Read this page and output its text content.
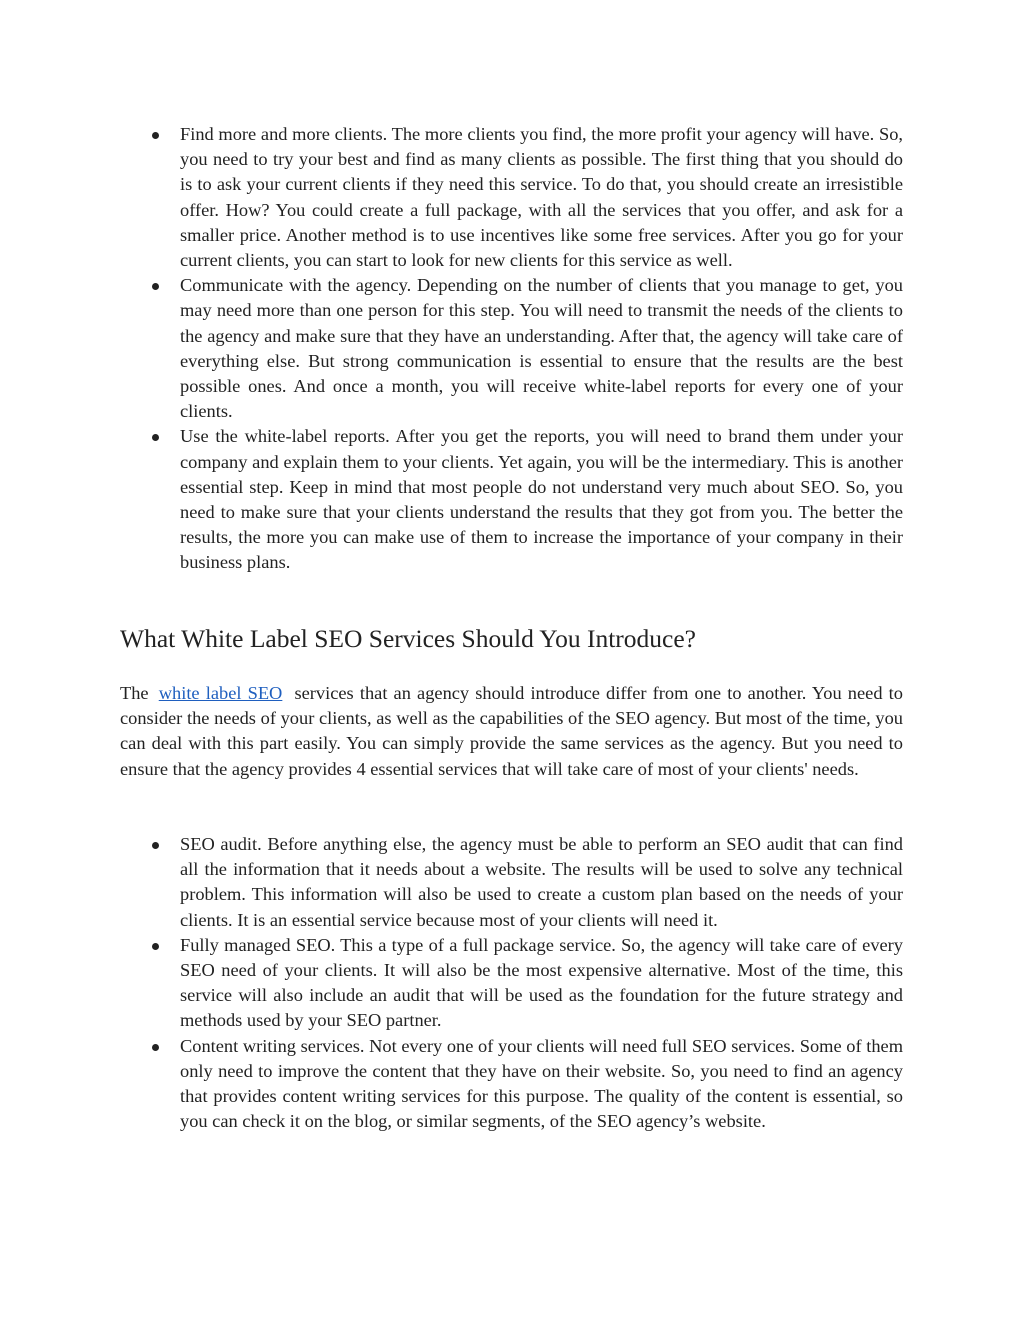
Find more and more clients. The more clients you find, the more profit your agency will have. So, you need to try your best and find as many clients as possible. The first thing that you should do is to ask your current clients if they need this service. To do that, you should create an irresistible offer. How? You could create a full package, with all the services that you offer, and ask for a smaller price. Another method is to use incentives like some free services. After you go for your current clients, you can start to look for new clients for this service as well.
Communicate with the agency. Depending on the number of clients that you manage to get, you may need more than one person for this step. You will need to transmit the needs of the clients to the agency and make sure that they have an understanding. After that, the agency will take care of everything else. But strong communication is essential to ensure that the results are the best possible ones. And once a month, you will receive white-label reports for every one of your clients.
Use the white-label reports. After you get the reports, you will need to brand them under your company and explain them to your clients. Yet again, you will be the intermediary. This is another essential step. Keep in mind that most people do not understand very much about SEO. So, you need to make sure that your clients understand the results that they got from you. The better the results, the more you can make use of them to increase the importance of your company in their business plans.
What White Label SEO Services Should You Introduce?

The white label SEO services that an agency should introduce differ from one to another. You need to consider the needs of your clients, as well as the capabilities of the SEO agency. But most of the time, you can deal with this part easily. You can simply provide the same services as the agency. But you need to ensure that the agency provides 4 essential services that will take care of most of your clients' needs.

SEO audit. Before anything else, the agency must be able to perform an SEO audit that can find all the information that it needs about a website. The results will be used to solve any technical problem. This information will also be used to create a custom plan based on the needs of your clients. It is an essential service because most of your clients will need it.
Fully managed SEO. This a type of a full package service. So, the agency will take care of every SEO need of your clients. It will also be the most expensive alternative. Most of the time, this service will also include an audit that will be used as the foundation for the future strategy and methods used by your SEO partner.
Content writing services. Not every one of your clients will need full SEO services. Some of them only need to improve the content that they have on their website. So, you need to find an agency that provides content writing services for this purpose. The quality of the content is essential, so you can check it on the blog, or similar segments, of the SEO agency’s website.
